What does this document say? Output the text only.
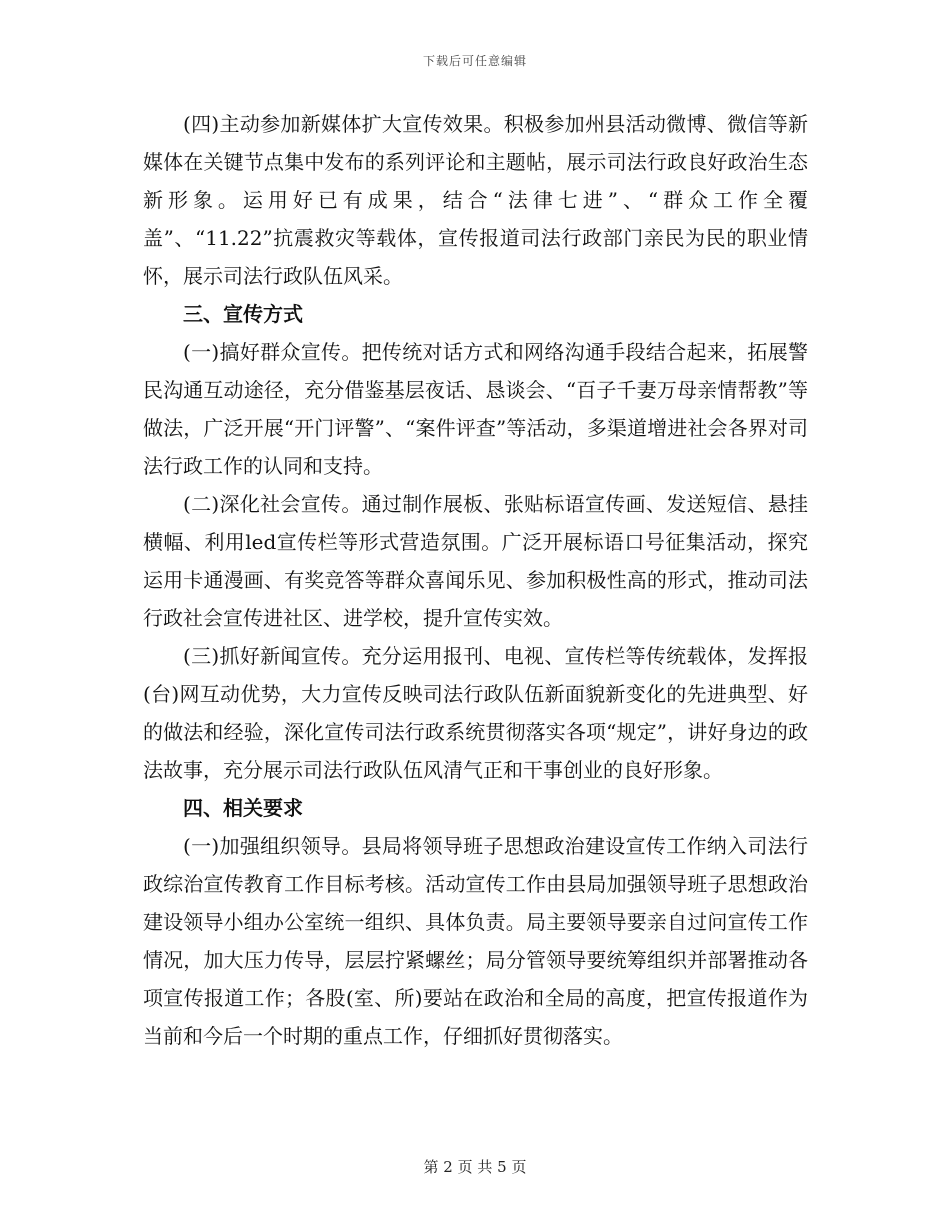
下载后可任意编辑

(四)主动参加新媒体扩大宣传效果。积极参加州县活动微博、微信等新媒体在关键节点集中发布的系列评论和主题帖，展示司法行政良好政治生态新形象。运用好已有成果，结合“法律七进”、“群众工作全覆盖”、“11.22”抗震救灾等载体，宣传报道司法行政部门亲民为民的职业情怀，展示司法行政队伍风采。

三、宣传方式

(一)搞好群众宣传。把传统对话方式和网络沟通手段结合起来，拓展警民沟通互动途径，充分借鉴基层夜话、恳谈会、“百子千妻万母亲情帮教”等做法，广泛开展“开门评警”、“案件评查”等活动，多渠道增进社会各界对司法行政工作的认同和支持。

(二)深化社会宣传。通过制作展板、张贴标语宣传画、发送短信、悬挂横幅、利用led宣传栏等形式营造氛围。广泛开展标语口号征集活动，探究运用卡通漫画、有奖竞答等群众喜闻乐见、参加积极性高的形式，推动司法行政社会宣传进社区、进学校，提升宣传实效。

(三)抓好新闻宣传。充分运用报刊、电视、宣传栏等传统载体，发挥报(台)网互动优势，大力宣传反映司法行政队伍新面貌新变化的先进典型、好的做法和经验，深化宣传司法行政系统贯彻落实各项“规定”，讲好身边的政法故事，充分展示司法行政队伍风清气正和干事创业的良好形象。

四、相关要求

(一)加强组织领导。县局将领导班子思想政治建设宣传工作纳入司法行政综治宣传教育工作目标考核。活动宣传工作由县局加强领导班子思想政治建设领导小组办公室统一组织、具体负责。局主要领导要亲自过问宣传工作情况，加大压力传导，层层拧紧螺丝；局分管领导要统筹组织并部署推动各项宣传报道工作；各股(室、所)要站在政治和全局的高度，把宣传报道作为当前和今后一个时期的重点工作，仔细抓好贯彻落实。

第 2 页 共 5 页
